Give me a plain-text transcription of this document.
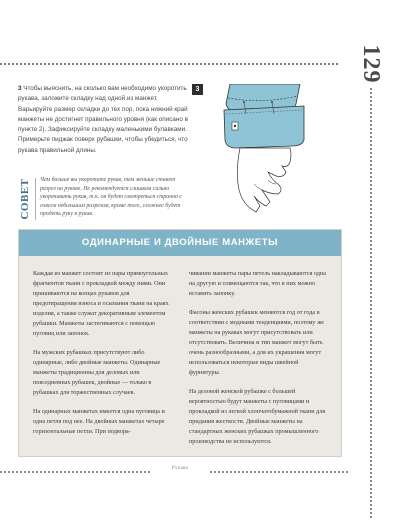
129

3 Чтобы выяснить, на сколько вам необходимо укоротить рукава, заложите складку над одной из манжет. Варьируйте размер складки до тех пор, пока нижний край манжеты не достигнет правильного уровня (как описано в пункте 2). Зафиксируйте складку маленькими булавками. Примерьте пиджак поверх рубашки, чтобы убедиться, что рукава правильной длины.

3
СОВЕТ Чем больше вы укоротите рукав, тем меньше станет разрез на рукаве. Не рекомендуется слишком сильно укорачивать рукав, т.к. он будет смотреться странно с совсем небольшим разрезом, кроме того, сложнее будет продеть руку в рукав.

ОДИНАРНЫЕ И ДВОЙНЫЕ МАНЖЕТЫ

Каждая из манжет состоит из пары прямоугольных фрагментов ткани с прокладкой между ними. Они пришиваются на концах рукавов для предотвращения износа и осыпания ткани на краях изделия, а также служат декоративным элементом рубашки. Манжеты застегиваются с помощью пуговиц или запонок.

На мужских рубашках присутствуют либо одинарные, либо двойные манжеты. Одинарные манжеты традиционны для деловых или повседневных рубашек, двойные — только в рубашках для торжественных случаев.

На одинарных манжетах имеется одна пуговица и одна петля под нее. На двойных манжетах четыре горизонтальные петли. При подвора-

чивании манжеты пары петель накладываются одна на другую и совмещаются так, что в них можно вставить запонку.

Фасоны женских рубашек меняются год от года в соответствии с модными тенденциями, поэтому же манжеты на рукавах могут присутствовать или отсутствовать. Величина и тип манжет могут быть очень разнообразными, а для их украшения могут использоваться некоторые виды швейной фурнитуры.

На деловой женской рубашке с большей вероятностью будут манжеты с пуговицами и прокладкой из легкой хлопчатобумажной ткани для придания жесткости. Двойные манжеты на стандартных женских рубашках промышленного производства не используются.

Рукава
